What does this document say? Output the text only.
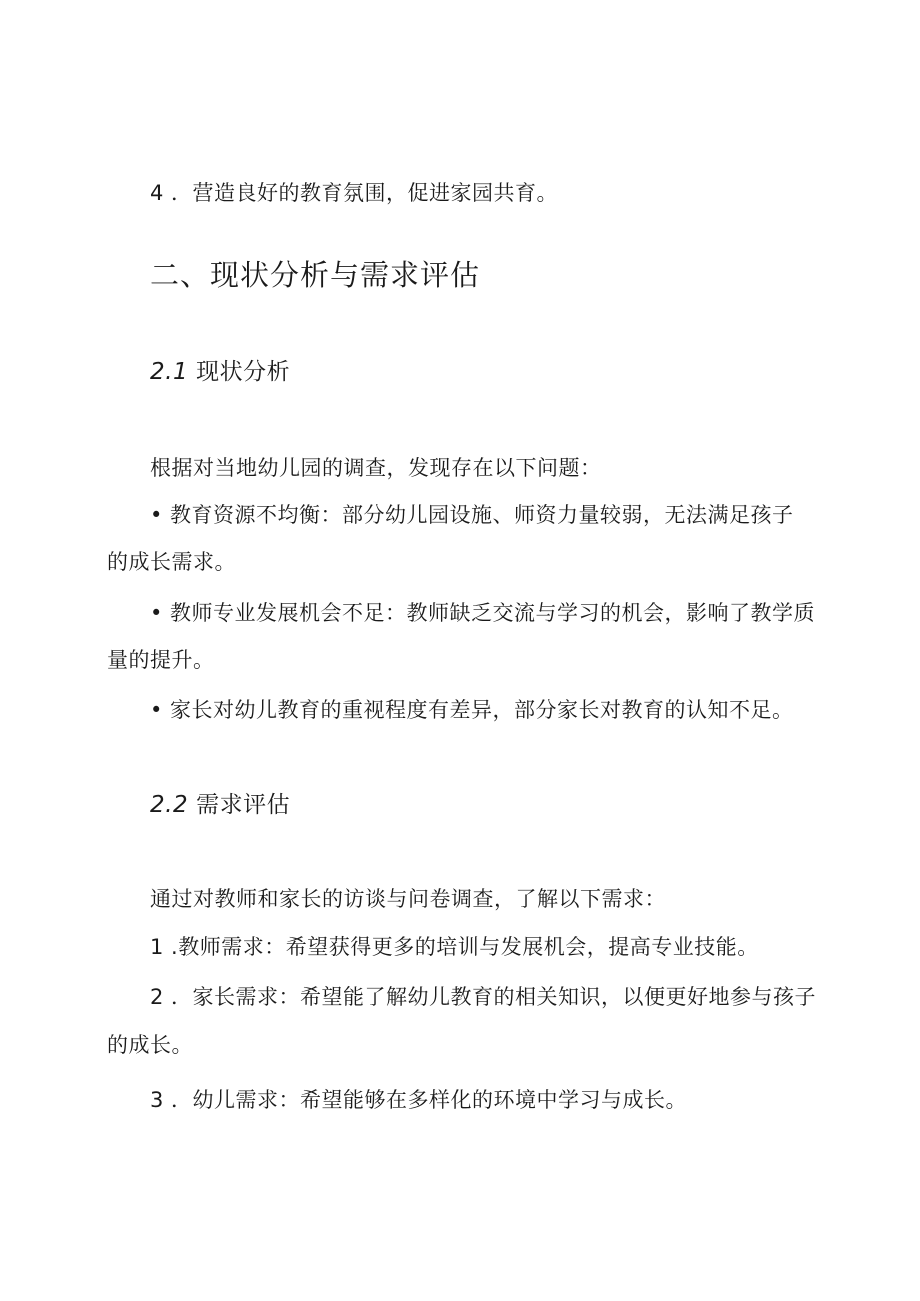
4 ．营造良好的教育氛围，促进家园共育。

二、现状分析与需求评估
2.1 现状分析

根据对当地幼儿园的调查，发现存在以下问题：

• 教育资源不均衡：部分幼儿园设施、师资力量较弱，无法满足孩子

的成长需求。

• 教师专业发展机会不足：教师缺乏交流与学习的机会，影响了教学质

量的提升。

• 家长对幼儿教育的重视程度有差异，部分家长对教育的认知不足。

2.2 需求评估

通过对教师和家长的访谈与问卷调查，了解以下需求：

1 .教师需求：希望获得更多的培训与发展机会，提高专业技能。

2 ．家长需求：希望能了解幼儿教育的相关知识，以便更好地参与孩子

的成长。

3 ．幼儿需求：希望能够在多样化的环境中学习与成长。
